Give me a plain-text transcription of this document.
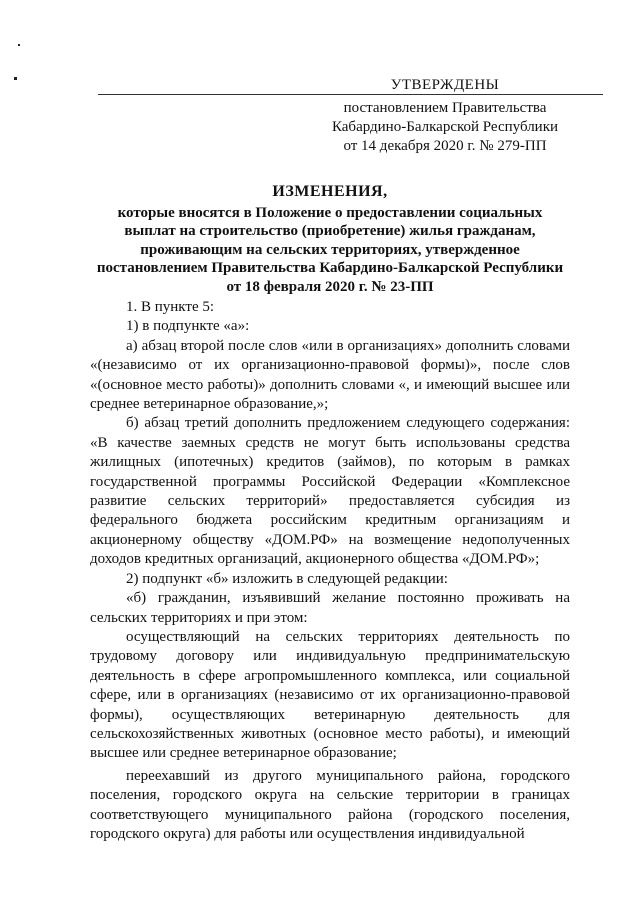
УТВЕРЖДЕНЫ
постановлением Правительства
Кабардино-Балкарской Республики
от 14 декабря 2020 г. № 279-ПП
ИЗМЕНЕНИЯ,
которые вносятся в Положение о предоставлении социальных
выплат на строительство (приобретение) жилья гражданам,
проживающим на сельских территориях, утвержденное
постановлением Правительства Кабардино-Балкарской Республики
от 18 февраля 2020 г. № 23-ПП

1. В пункте 5:

1) в подпункте «а»:

а) абзац второй после слов «или в организациях» дополнить словами «(независимо от их организационно-правовой формы)», после слов «(основное место работы)» дополнить словами «, и имеющий высшее или среднее ветеринарное образование,»;

б) абзац третий дополнить предложением следующего содержания: «В качестве заемных средств не могут быть использованы средства жилищных (ипотечных) кредитов (займов), по которым в рамках государственной программы Российской Федерации «Комплексное развитие сельских территорий» предоставляется субсидия из федерального бюджета российским кредитным организациям и акционерному обществу «ДОМ.РФ» на возмещение недополученных доходов кредитных организаций, акционерного общества «ДОМ.РФ»;

2) подпункт «б» изложить в следующей редакции:

«б) гражданин, изъявивший желание постоянно проживать на сельских территориях и при этом:

осуществляющий на сельских территориях деятельность по трудовому договору или индивидуальную предпринимательскую деятельность в сфере агропромышленного комплекса, или социальной сфере, или в организациях (независимо от их организационно-правовой формы), осуществляющих ветеринарную деятельность для сельскохозяйственных животных (основное место работы), и имеющий высшее или среднее ветеринарное образование;

переехавший из другого муниципального района, городского поселения, городского округа на сельские территории в границах соответствующего муниципального района (городского поселения, городского округа) для работы или осуществления индивидуальной
